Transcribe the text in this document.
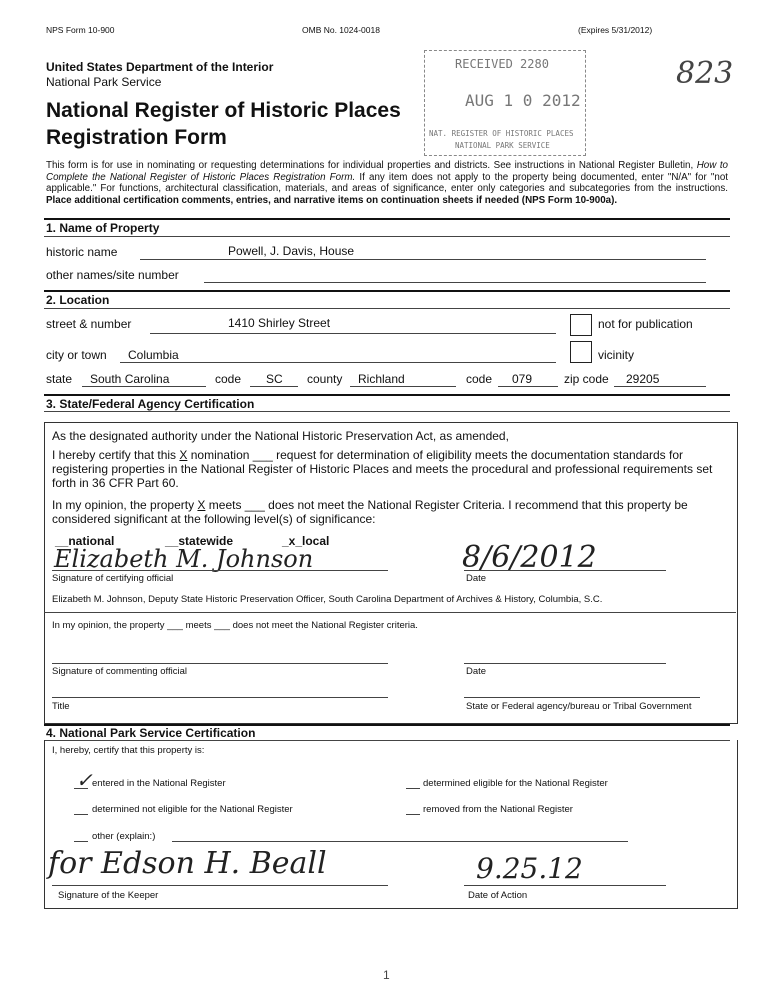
NPS Form 10-900	OMB No. 1024-0018	(Expires 5/31/2012)
United States Department of the Interior
National Park Service
National Register of Historic Places
Registration Form
RECEIVED 2280
AUG 1 0 2012
NAT. REGISTER OF HISTORIC PLACES
NATIONAL PARK SERVICE
823
This form is for use in nominating or requesting determinations for individual properties and districts. See instructions in National Register Bulletin, How to Complete the National Register of Historic Places Registration Form. If any item does not apply to the property being documented, enter "N/A" for "not applicable." For functions, architectural classification, materials, and areas of significance, enter only categories and subcategories from the instructions. Place additional certification comments, entries, and narrative items on continuation sheets if needed (NPS Form 10-900a).
1. Name of Property
historic name	Powell, J. Davis, House
other names/site number
2. Location
street & number	1410 Shirley Street	not for publication
city or town Columbia	vicinity
state South Carolina	code SC county Richland	code 079	zip code 29205
3. State/Federal Agency Certification
As the designated authority under the National Historic Preservation Act, as amended,
I hereby certify that this X nomination ___ request for determination of eligibility meets the documentation standards for registering properties in the National Register of Historic Places and meets the procedural and professional requirements set forth in 36 CFR Part 60.
In my opinion, the property X meets ___ does not meet the National Register Criteria. I recommend that this property be considered significant at the following level(s) of significance:
__national	__statewide	_x_local
Elizabeth M. Johnson
Signature of certifying official
8/6/2012
Date
Elizabeth M. Johnson, Deputy State Historic Preservation Officer, South Carolina Department of Archives & History, Columbia, S.C.
In my opinion, the property ___ meets ___ does not meet the National Register criteria.
Signature of commenting official	Date
Title	State or Federal agency/bureau or Tribal Government
4. National Park Service Certification
I, hereby, certify that this property is:
✓ entered in the National Register	determined eligible for the National Register
determined not eligible for the National Register	removed from the National Register
other (explain:)
for Edson H. Beall
Signature of the Keeper
9.25.12
Date of Action
1
